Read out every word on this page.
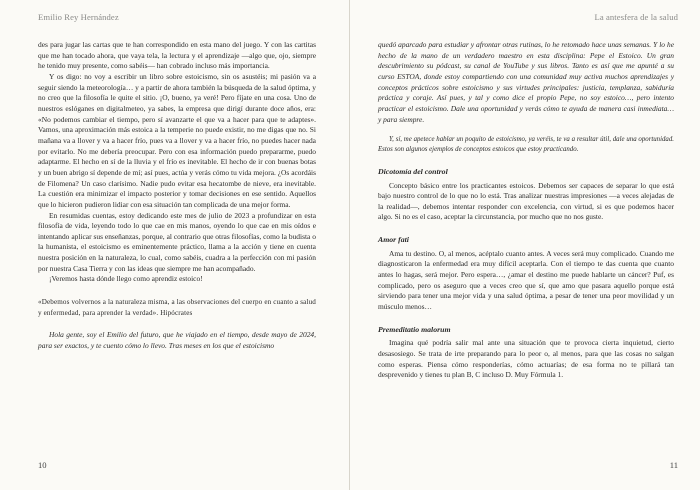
Emilio Rey Hernández

des para jugar las cartas que te han correspondido en esta mano del juego. Y con las cartitas que me han tocado ahora, que vaya tela, la lectura y el aprendizaje —algo que, ojo, siempre he tenido muy presente, como sabéis— han cobrado incluso más importancia.

Y os digo: no voy a escribir un libro sobre estoicismo, sin os asustéis; mi pasión va a seguir siendo la meteorología… y a partir de ahora también la búsqueda de la salud óptima, y no creo que la filosofía le quite el sitio. ¡O, bueno, ya veré! Pero fíjate en una cosa. Uno de nuestros eslóganes en digitalmeteo, ya sabes, la empresa que dirigí durante doce años, era: «No podemos cambiar el tiempo, pero sí avanzarte el que va a hacer para que te adaptes». Vamos, una aproximación más estoica a la temperie no puede existir, no me digas que no. Si mañana va a llover y va a hacer frío, pues va a llover y va a hacer frío, no puedes hacer nada por evitarlo. No me debería preocupar. Pero con esa información puedo prepararme, puedo adaptarme. El hecho en sí de la lluvia y el frío es inevitable. El hecho de ir con buenas botas y un buen abrigo sí depende de mí; así pues, actúa y verás cómo tu vida mejora. ¿Os acordáis de Filomena? Un caso clarísimo. Nadie pudo evitar esa hecatombe de nieve, era inevitable. La cuestión era minimizar el impacto posterior y tomar decisiones en ese sentido. Aquellos que lo hicieron pudieron lidiar con esa situación tan complicada de una mejor forma.

En resumidas cuentas, estoy dedicando este mes de julio de 2023 a profundizar en esta filosofía de vida, leyendo todo lo que cae en mis manos, oyendo lo que cae en mis oídos e intentando aplicar sus enseñanzas, porque, al contrario que otras filosofías, como la budista o la humanista, el estoicismo es eminentemente práctico, llama a la acción y tiene en cuenta nuestra posición en la naturaleza, lo cual, como sabéis, cuadra a la perfección con mi pasión por nuestra Casa Tierra y con las ideas que siempre me han acompañado.

¡Veremos hasta dónde llego como aprendiz estoico!

«Debemos volvernos a la naturaleza misma, a las observaciones del cuerpo en cuanto a salud y enfermedad, para aprender la verdad». Hipócrates

Hola gente, soy el Emilio del futuro, que he viajado en el tiempo, desde mayo de 2024, para ser exactos, y te cuento cómo lo llevo. Tras meses en los que el estoicismo

10
La antesfera de la salud

quedó aparcado para estudiar y afrontar otras rutinas, lo he retomado hace unas semanas. Y lo he hecho de la mano de un verdadero maestro en esta disciplina: Pepe el Estoico. Un gran descubrimiento su pódcast, su canal de YouTube y sus libros. Tanto es así que me apunté a su curso ESTOA, donde estoy compartiendo con una comunidad muy activa muchos aprendizajes y conceptos prácticos sobre estoicismo y sus virtudes principales: justicia, templanza, sabiduría práctica y coraje. Así pues, y tal y como dice el propio Pepe, no soy estoico…, pero intento practicar el estoicismo. Dale una oportunidad y verás cómo te ayuda de manera casi inmediata… y para siempre.

Y, sí, me apetece hablar un poquito de estoicismo, ya veréis, te va a resultar útil, dale una oportunidad. Estos son algunos ejemplos de conceptos estoicos que estoy practicando.

Dicotomía del control

Concepto básico entre los practicantes estoicos. Debemos ser capaces de separar lo que está bajo nuestro control de lo que no lo está. Tras analizar nuestras impresiones —a veces alejadas de la realidad—, debemos intentar responder con excelencia, con virtud, si es que podemos hacer algo. Si no es el caso, aceptar la circunstancia, por mucho que no nos guste.

Amor fati

Ama tu destino. O, al menos, acéptalo cuanto antes. A veces será muy complicado. Cuando me diagnosticaron la enfermedad era muy difícil aceptarla. Con el tiempo te das cuenta que cuanto antes lo hagas, será mejor. Pero espera…, ¿amar el destino me puede hablarte un cáncer? Puf, es complicado, pero os aseguro que a veces creo que sí, que amo que pasara aquello porque está sirviendo para tener una mejor vida y una salud óptima, a pesar de tener una peor movilidad y un músculo menos…

Premeditatio malorum

Imagina qué podría salir mal ante una situación que te provoca cierta inquietud, cierto desasosiego. Se trata de irte preparando para lo peor o, al menos, para que las cosas no salgan como esperas. Piensa cómo responderías, cómo actuarías; de esa forma no te pillará tan desprevenido y tienes tu plan B, C incluso D. Muy Fórmula 1.

11
